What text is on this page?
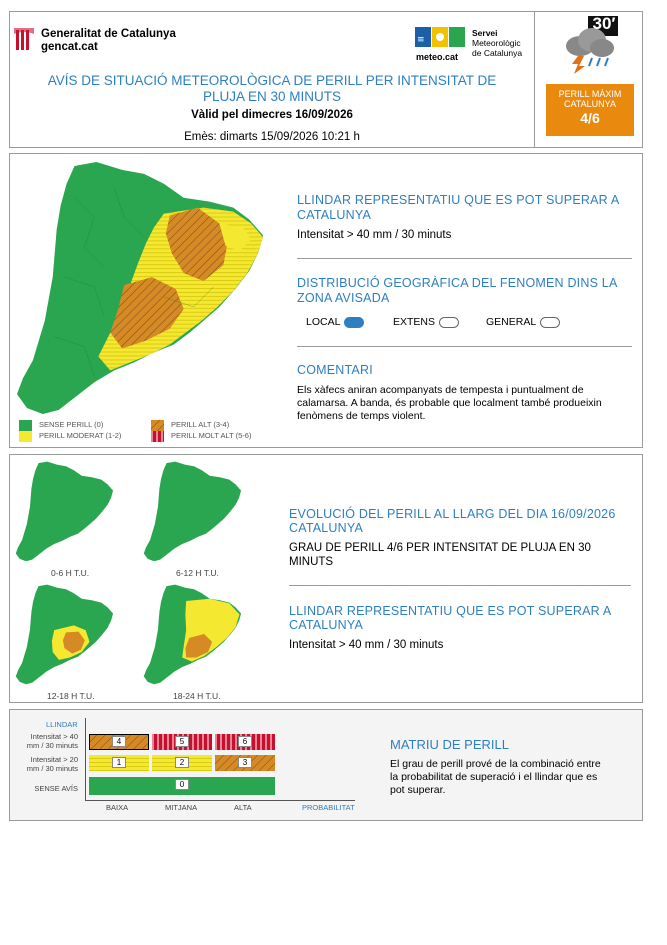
Generalitat de Catalunya
gencat.cat
≡
meteo.cat
Servei
Meteorològic
de Catalunya
30′
AVÍS DE SITUACIÓ METEOROLÒGICA DE PERILL PER INTENSITAT DE
PLUJA EN 30 MINUTS
Vàlid pel dimecres 16/09/2026
Emès: dimarts 15/09/2026 10:21 h
PERILL MÀXIM
CATALUNYA
4/6
SENSE PERILL (0)
PERILL MODERAT (1-2)
PERILL ALT (3-4)
PERILL MOLT ALT (5-6)
LLINDAR REPRESENTATIU QUE ES POT SUPERAR A
CATALUNYA
Intensitat > 40 mm / 30 minuts
DISTRIBUCIÓ GEOGRÀFICA DEL FENOMEN DINS LA
ZONA AVISADA
LOCAL	EXTENS	GENERAL
COMENTARI
Els xàfecs aniran acompanyats de tempesta i puntualment de
calamarsa. A banda, és probable que localment també produeixin
fenòmens de temps violent.
0-6 H T.U.	6-12 H T.U.
12-18 H T.U.	18-24 H T.U.
EVOLUCIÓ DEL PERILL AL LLARG DEL DIA 16/09/2026
CATALUNYA
GRAU DE PERILL 4/6 PER INTENSITAT DE PLUJA EN 30
MINUTS
LLINDAR REPRESENTATIU QUE ES POT SUPERAR A
CATALUNYA
Intensitat > 40 mm / 30 minuts
LLINDAR
Intensitat > 40
mm / 30 minuts
Intensitat > 20
mm / 30 minuts
SENSE AVÍS
4	5	6
1	2	3
0
BAIXA	MITJANA	ALTA	PROBABILITAT
MATRIU DE PERILL
El grau de perill prové de la combinació entre
la probabilitat de superació i el llindar que es
pot superar.
